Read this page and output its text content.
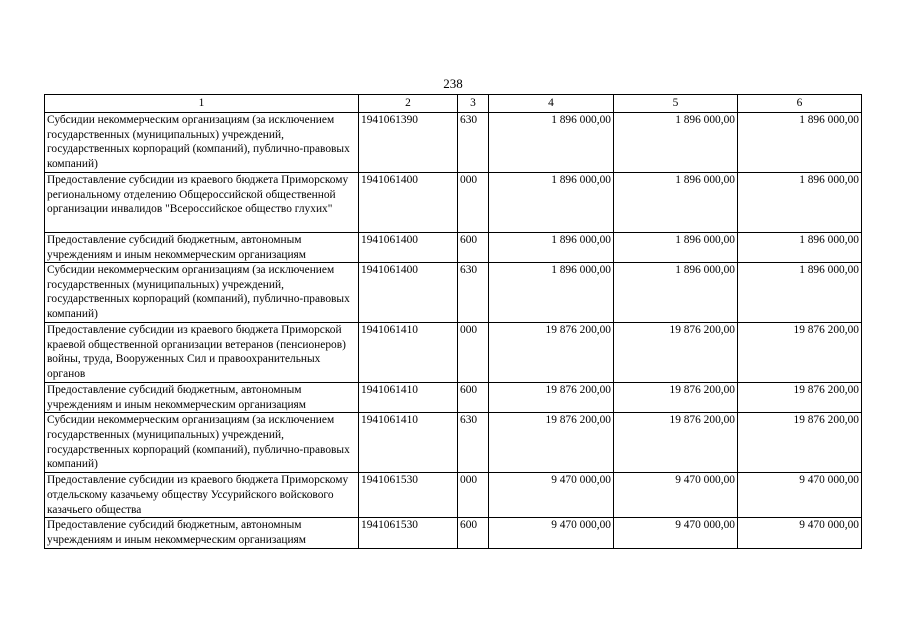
238
1	2	3	4	5	6
Субсидии некоммерческим организациям (за исключением государственных (муниципальных) учреждений, государственных корпораций (компаний), публично-правовых компаний)	1941061390	630	1 896 000,00	1 896 000,00	1 896 000,00
Предоставление субсидии из краевого бюджета Приморскому региональному отделению Общероссийской общественной организации инвалидов "Всероссийское общество глухих"	1941061400	000	1 896 000,00	1 896 000,00	1 896 000,00
Предоставление субсидий бюджетным, автономным учреждениям и иным некоммерческим организациям	1941061400	600	1 896 000,00	1 896 000,00	1 896 000,00
Субсидии некоммерческим организациям (за исключением государственных (муниципальных) учреждений, государственных корпораций (компаний), публично-правовых компаний)	1941061400	630	1 896 000,00	1 896 000,00	1 896 000,00
Предоставление субсидии из краевого бюджета Приморской краевой общественной организации ветеранов (пенсионеров) войны, труда, Вооруженных Сил и правоохранительных органов	1941061410	000	19 876 200,00	19 876 200,00	19 876 200,00
Предоставление субсидий бюджетным, автономным учреждениям и иным некоммерческим организациям	1941061410	600	19 876 200,00	19 876 200,00	19 876 200,00
Субсидии некоммерческим организациям (за исключением государственных (муниципальных) учреждений, государственных корпораций (компаний), публично-правовых компаний)	1941061410	630	19 876 200,00	19 876 200,00	19 876 200,00
Предоставление субсидии из краевого бюджета Приморскому отдельскому казачьему обществу Уссурийского войскового казачьего общества	1941061530	000	9 470 000,00	9 470 000,00	9 470 000,00
Предоставление субсидий бюджетным, автономным учреждениям и иным некоммерческим организациям	1941061530	600	9 470 000,00	9 470 000,00	9 470 000,00
